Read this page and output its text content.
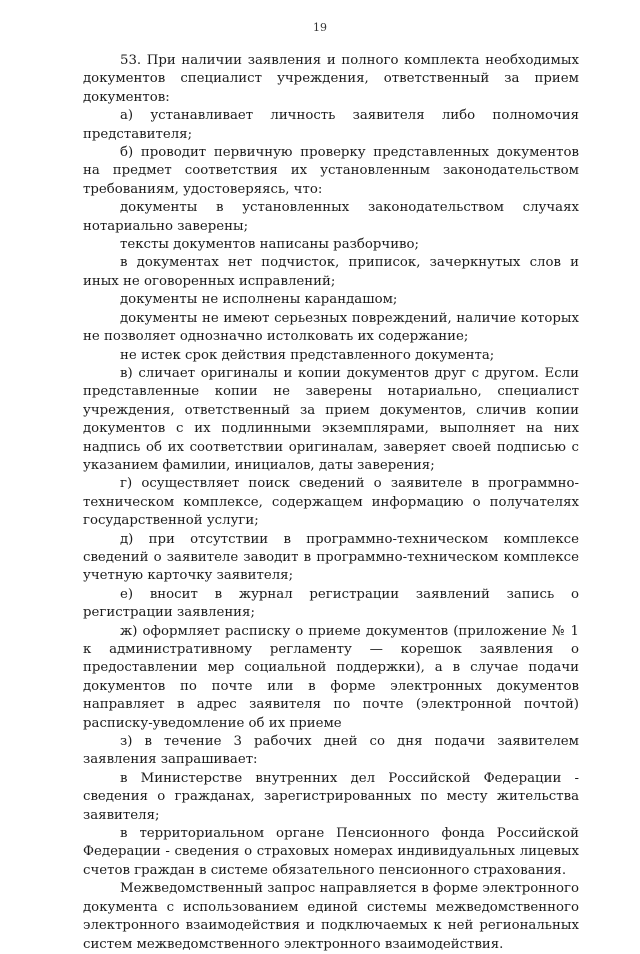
19

53. При наличии заявления и полного комплекта необходимых документов специалист учреждения, ответственный за прием документов:

а) устанавливает личность заявителя либо полномочия представителя;

б) проводит первичную проверку представленных документов на предмет соответствия их установленным законодательством требованиям, удостоверяясь, что:

документы в установленных законодательством случаях нотариально заверены;

тексты документов написаны разборчиво;

в документах нет подчисток, приписок, зачеркнутых слов и иных не оговоренных исправлений;

документы не исполнены карандашом;

документы не имеют серьезных повреждений, наличие которых не позволяет однозначно истолковать их содержание;

не истек срок действия представленного документа;

в) сличает оригиналы и копии документов друг с другом. Если представленные копии не заверены нотариально, специалист учреждения, ответственный за прием документов, сличив копии документов с их подлинными экземплярами, выполняет на них надпись об их соответствии оригиналам, заверяет своей подписью с указанием фамилии, инициалов, даты заверения;

г) осуществляет поиск сведений о заявителе в программно-техническом комплексе, содержащем информацию о получателях государственной услуги;

д) при отсутствии в программно-техническом комплексе сведений о заявителе заводит в программно-техническом комплексе учетную карточку заявителя;

е) вносит в журнал регистрации заявлений запись о регистрации заявления;

ж) оформляет расписку о приеме документов (приложение № 1 к административному регламенту — корешок заявления о предоставлении мер социальной поддержки), а в случае подачи документов по почте или в форме электронных документов направляет в адрес заявителя по почте (электронной почтой) расписку-уведомление об их приеме

з) в течение 3 рабочих дней со дня подачи заявителем заявления запрашивает:

в Министерстве внутренних дел Российской Федерации - сведения о гражданах, зарегистрированных по месту жительства заявителя;

в территориальном органе Пенсионного фонда Российской Федерации - сведения о страховых номерах индивидуальных лицевых счетов граждан в системе обязательного пенсионного страхования.

Межведомственный запрос направляется в форме электронного документа с использованием единой системы межведомственного электронного взаимодействия и подключаемых к ней региональных систем межведомственного электронного взаимодействия.
